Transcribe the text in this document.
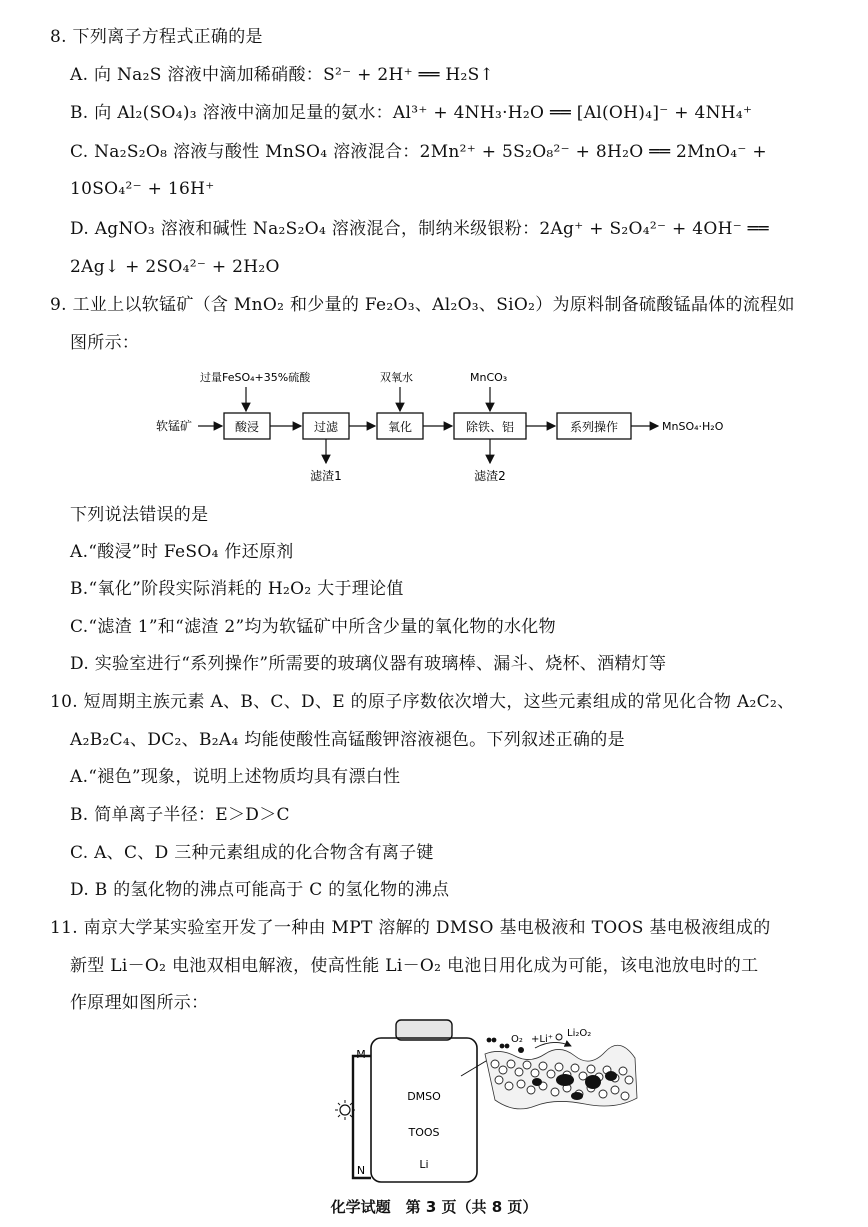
8. 下列离子方程式正确的是
A. 向 Na₂S 溶液中滴加稀硝酸：S²⁻ + 2H⁺ ══ H₂S↑
B. 向 Al₂(SO₄)₃ 溶液中滴加足量的氨水：Al³⁺ + 4NH₃·H₂O ══ [Al(OH)₄]⁻ + 4NH₄⁺
C. Na₂S₂O₈ 溶液与酸性 MnSO₄ 溶液混合：2Mn²⁺ + 5S₂O₈²⁻ + 8H₂O ══ 2MnO₄⁻ +
10SO₄²⁻ + 16H⁺
D. AgNO₃ 溶液和碱性 Na₂S₂O₄ 溶液混合，制纳米级银粉：2Ag⁺ + S₂O₄²⁻ + 4OH⁻ ══
2Ag↓ + 2SO₄²⁻ + 2H₂O
9. 工业上以软锰矿（含 MnO₂ 和少量的 Fe₂O₃、Al₂O₃、SiO₂）为原料制备硫酸锰晶体的流程如
图所示：
过量FeSO₄+35%硫酸	双氧水	MnCO₃
软锰矿	酸浸	过滤	氧化	除铁、铝	系列操作	MnSO₄·H₂O
滤渣1	滤渣2
下列说法错误的是
A.“酸浸”时 FeSO₄ 作还原剂
B.“氧化”阶段实际消耗的 H₂O₂ 大于理论值
C.“滤渣 1”和“滤渣 2”均为软锰矿中所含少量的氧化物的水化物
D. 实验室进行“系列操作”所需要的玻璃仪器有玻璃棒、漏斗、烧杯、酒精灯等
10. 短周期主族元素 A、B、C、D、E 的原子序数依次增大，这些元素组成的常见化合物 A₂C₂、
A₂B₂C₄、DC₂、B₂A₄ 均能使酸性高锰酸钾溶液褪色。下列叙述正确的是
A.“褪色”现象，说明上述物质均具有漂白性
B. 简单离子半径：E＞D＞C
C. A、C、D 三种元素组成的化合物含有离子键
D. B 的氢化物的沸点可能高于 C 的氢化物的沸点
11. 南京大学某实验室开发了一种由 MPT 溶解的 DMSO 基电极液和 TOOS 基电极液组成的
新型 Li－O₂ 电池双相电解液，使高性能 Li－O₂ 电池日用化成为可能，该电池放电时的工
作原理如图所示：
DMSO
TOOS
Li
M
N
O₂ +Li⁺
Li₂O₂
化学试题　第 3 页（共 8 页）
